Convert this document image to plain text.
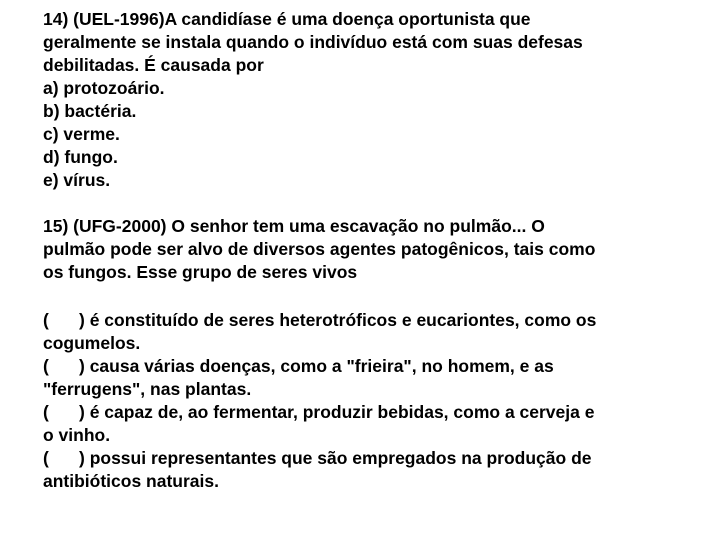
14) (UEL-1996)A candidíase é uma doença oportunista que
geralmente se instala quando o indivíduo está com suas defesas
debilitadas. É causada por
a) protozoário.
b) bactéria.
c) verme.
d) fungo.
e) vírus.
15) (UFG-2000) O senhor tem uma escavação no pulmão... O
pulmão pode ser alvo de diversos agentes patogênicos, tais como
os fungos. Esse grupo de seres vivos
( ) é constituído de seres heterotróficos e eucariontes, como os
cogumelos.
( ) causa várias doenças, como a "frieira", no homem, e as
"ferrugens", nas plantas.
( ) é capaz de, ao fermentar, produzir bebidas, como a cerveja e
o vinho.
( ) possui representantes que são empregados na produção de
antibióticos naturais.
